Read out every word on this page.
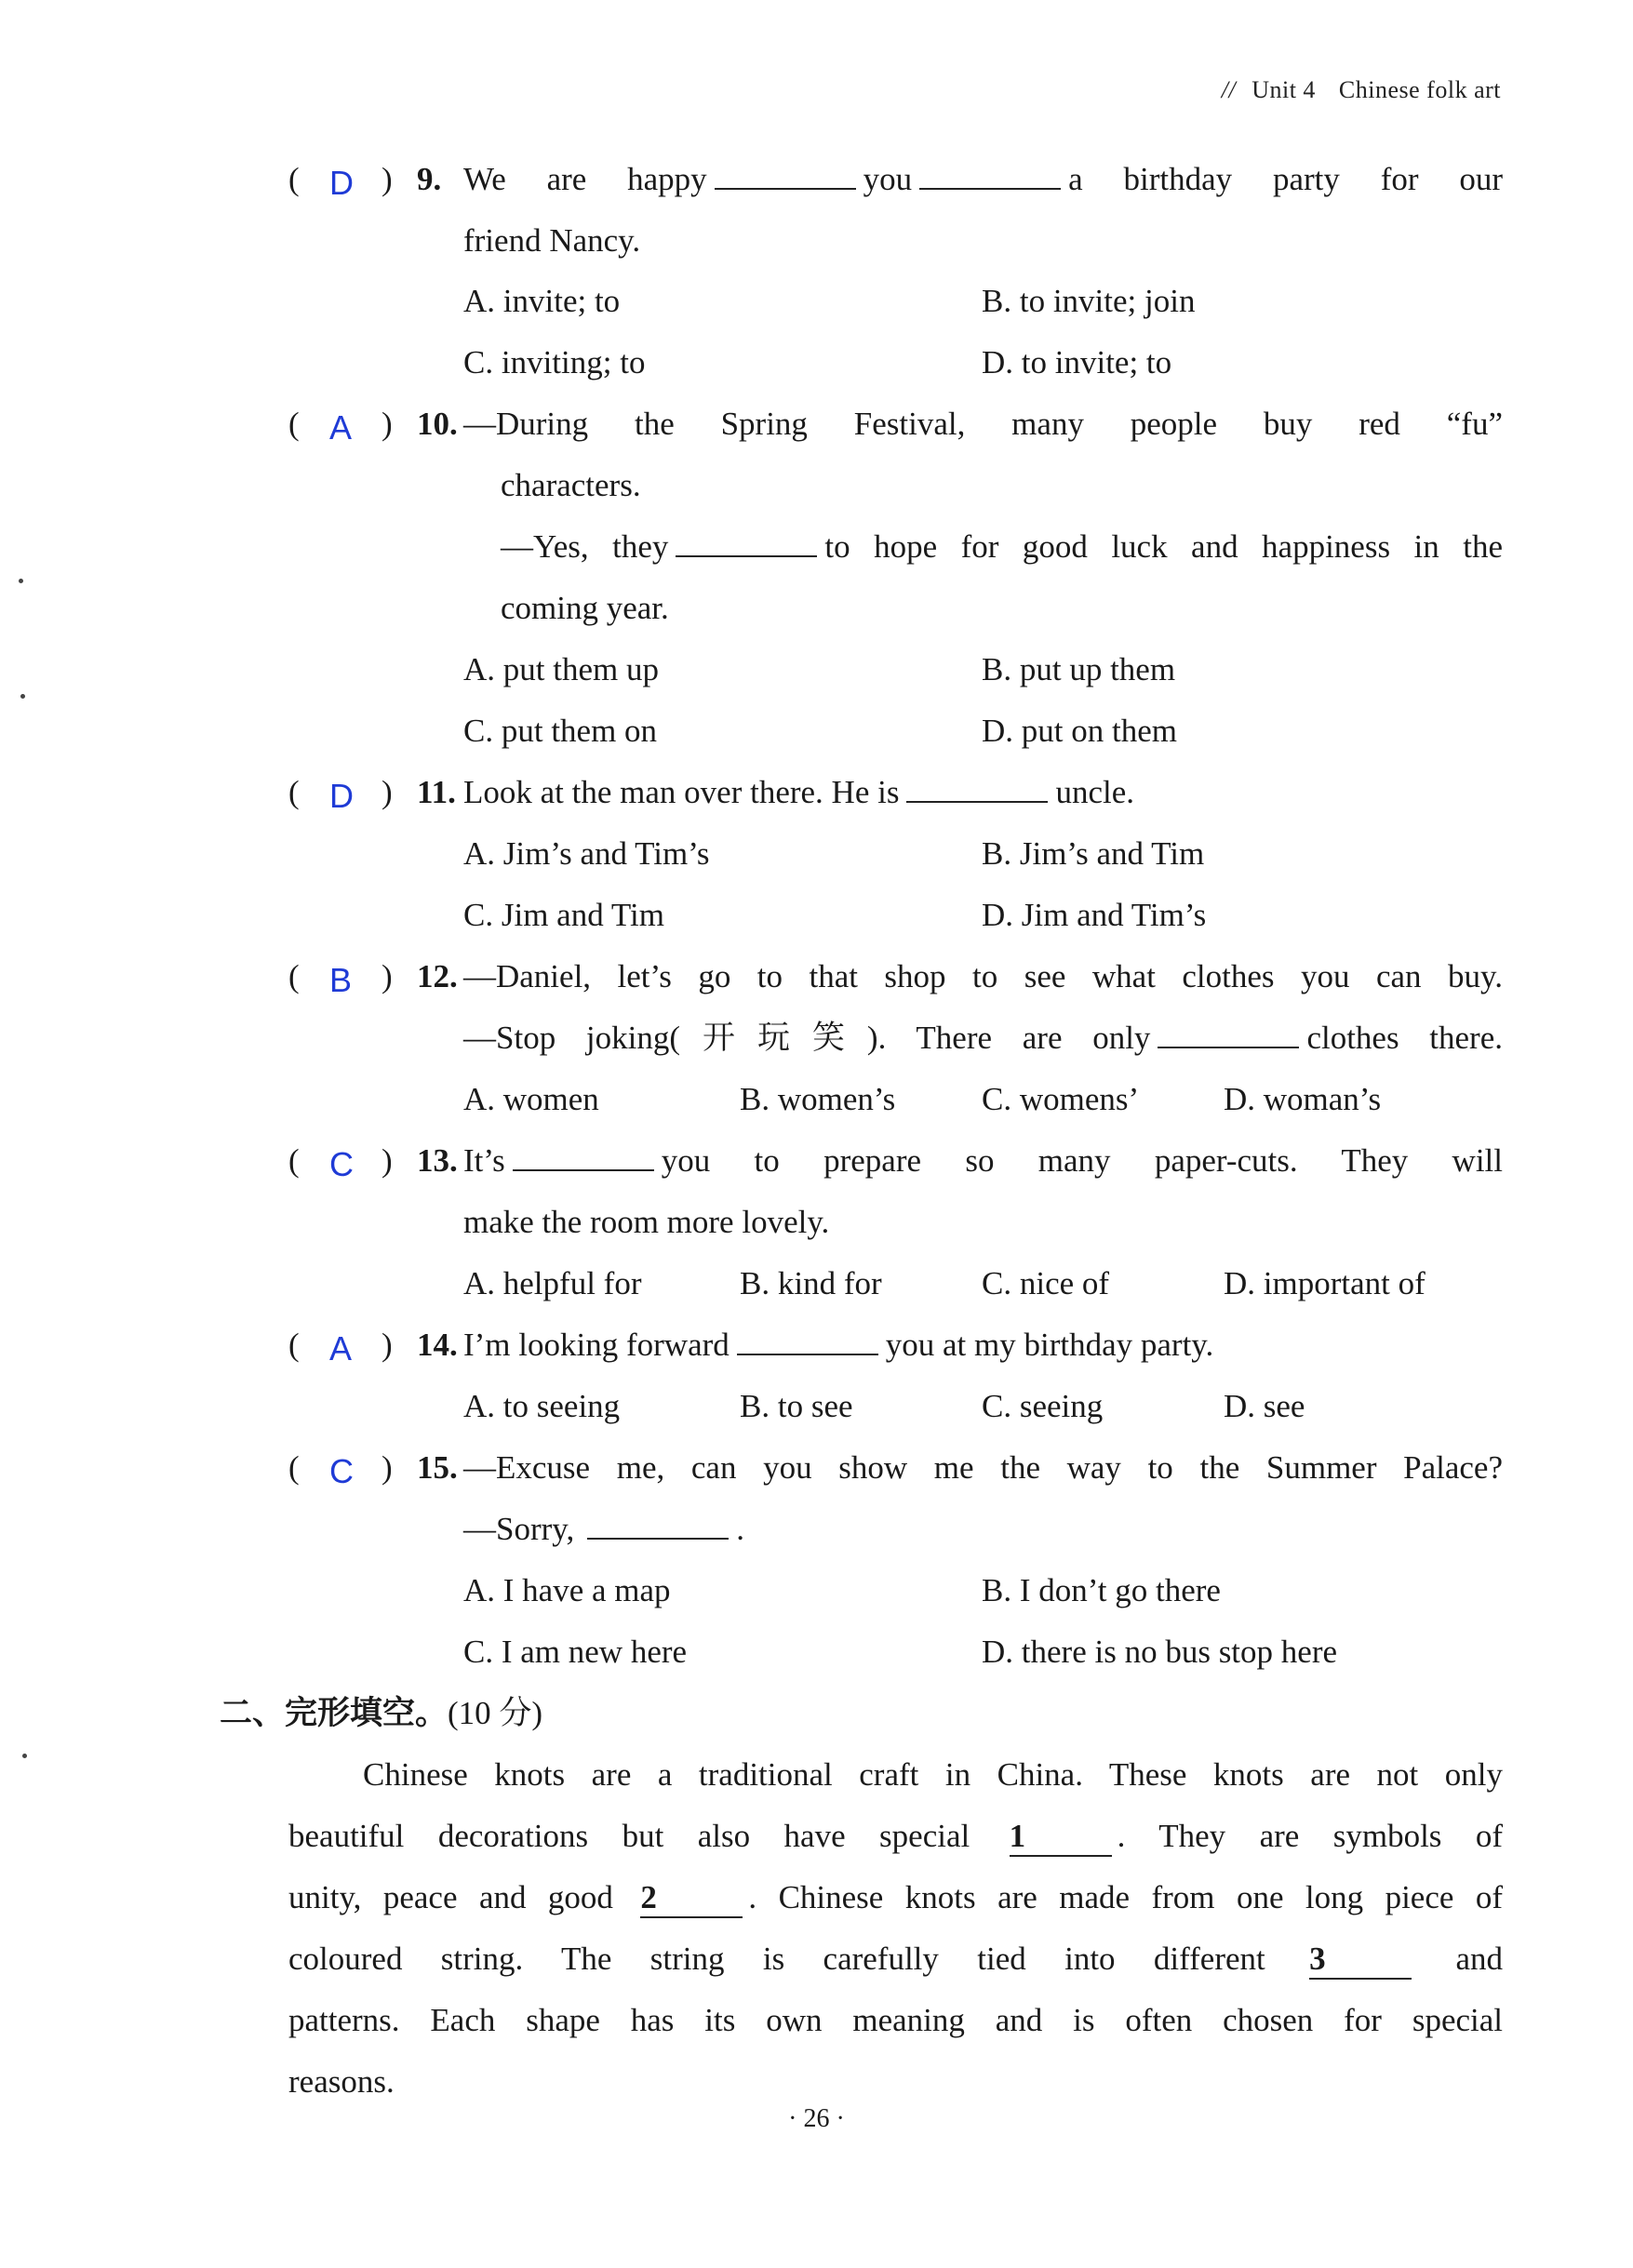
// Unit 4 Chinese folk art
( D ) 9. We are happy	you	a birthday party for our
friend Nancy.
A. invite; to	B. to invite; join
C. inviting; to	D. to invite; to
( A ) 10. —During the Spring Festival, many people buy red “fu”
characters.
—Yes, they	to hope for good luck and happiness in the
coming year.
A. put them up	B. put up them
C. put them on	D. put on them
( D ) 11. Look at the man over there. He is	uncle.
A. Jim’s and Tim’s	B. Jim’s and Tim
C. Jim and Tim	D. Jim and Tim’s
( B ) 12. —Daniel, let’s go to that shop to see what clothes you can buy.
—Stop joking(开玩笑). There are only	clothes there.
A. women	B. women’s	C. womens’	D. woman’s
( C ) 13. It’s	you to prepare so many paper-cuts. They will
make the room more lovely.
A. helpful for	B. kind for	C. nice of	D. important of
( A ) 14. I’m looking forward	you at my birthday party.
A. to seeing	B. to see	C. seeing	D. see
( C ) 15. —Excuse me, can you show me the way to the Summer Palace?
—Sorry,	.
A. I have a map	B. I don’t go there
C. I am new here	D. there is no bus stop here
二、完形填空。(10 分)

Chinese knots are a traditional craft in China. These knots are not only

beautiful decorations but also have special 1	. They are symbols of

unity, peace and good 2	. Chinese knots are made from one long piece of

coloured string. The string is carefully tied into different 3	and

patterns. Each shape has its own meaning and is often chosen for special

reasons.

· 26 ·
